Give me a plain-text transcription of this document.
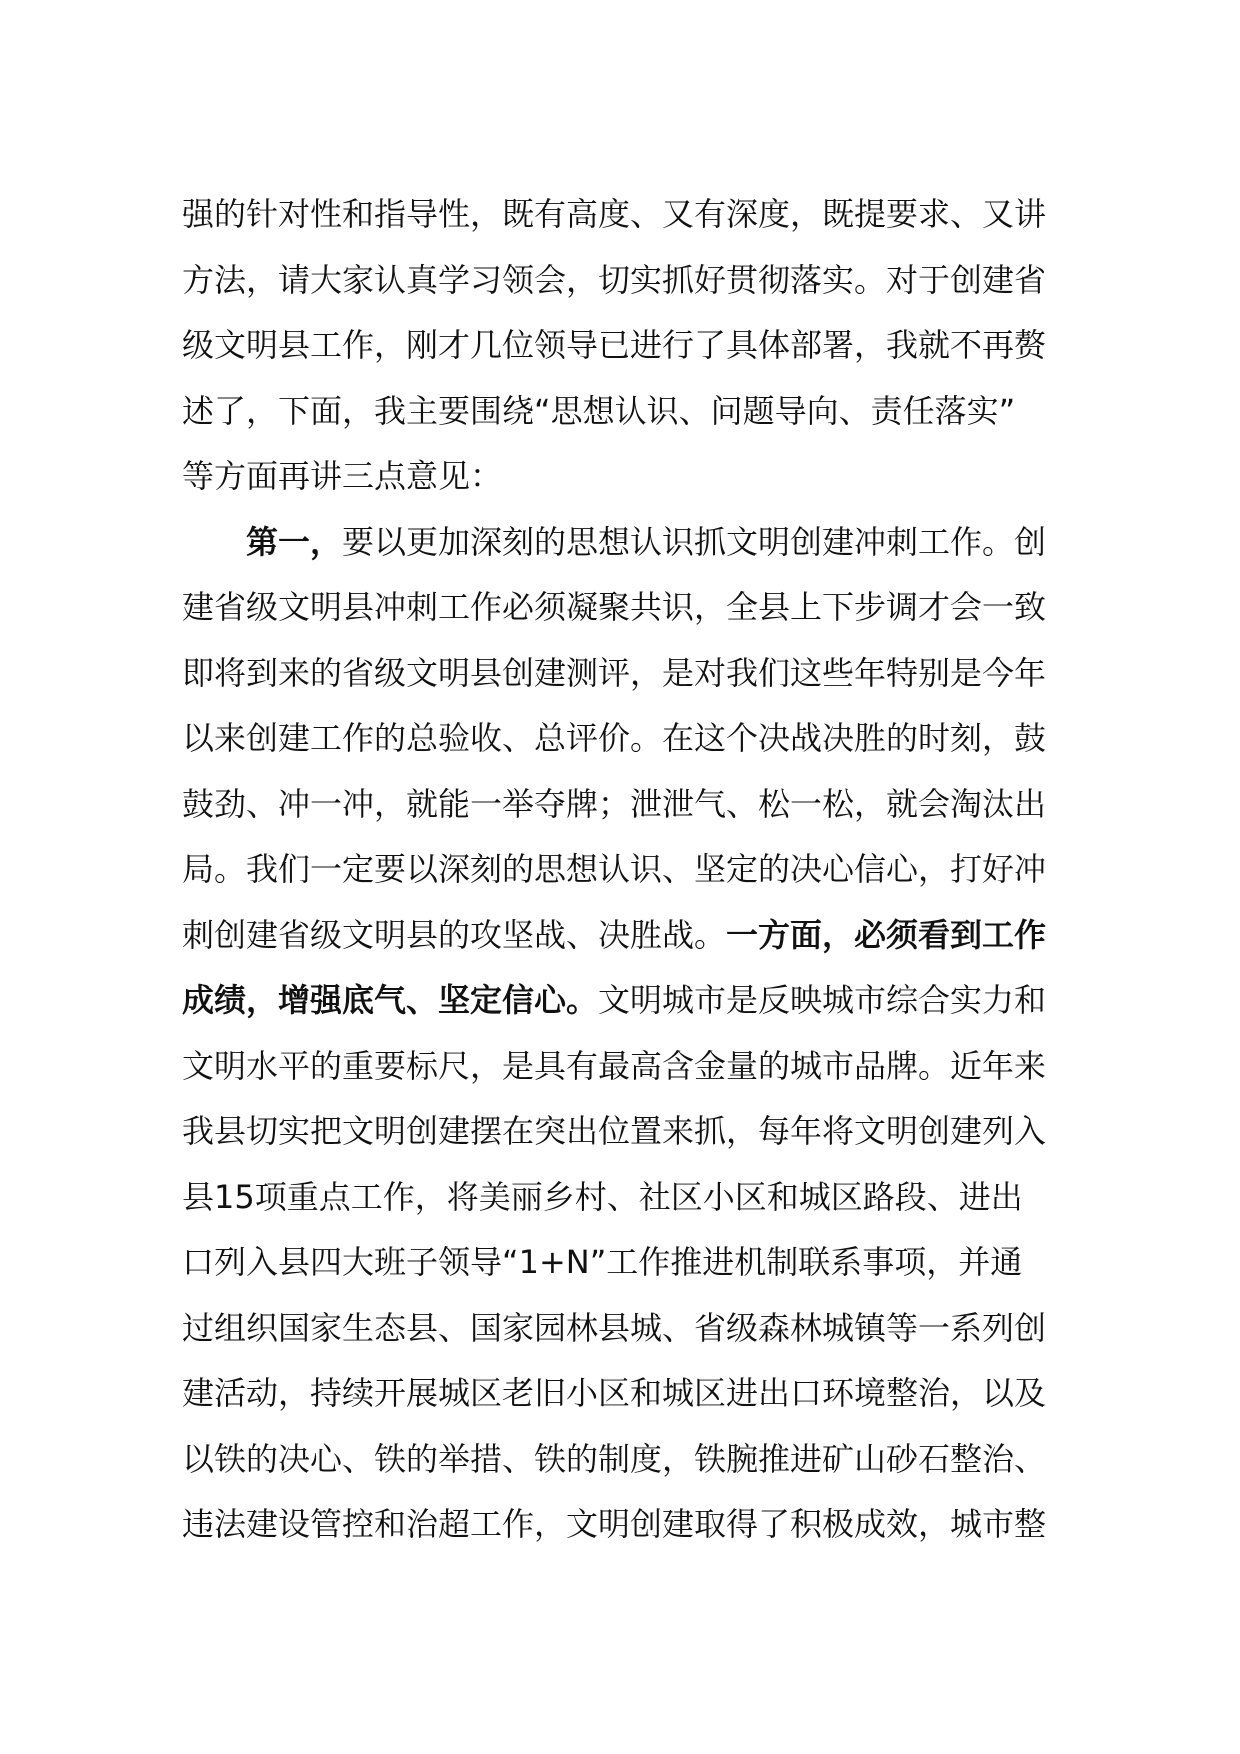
强的针对性和指导性，既有高度、又有深度，既提要求、又讲
方法，请大家认真学习领会，切实抓好贯彻落实。对于创建省
级文明县工作，刚才几位领导已进行了具体部署，我就不再赘
述了，下面，我主要围绕“思想认识、问题导向、责任落实”
等方面再讲三点意见：
第一，要以更加深刻的思想认识抓文明创建冲刺工作。创
建省级文明县冲刺工作必须凝聚共识，全县上下步调才会一致
即将到来的省级文明县创建测评，是对我们这些年特别是今年
以来创建工作的总验收、总评价。在这个决战决胜的时刻，鼓
鼓劲、冲一冲，就能一举夺牌；泄泄气、松一松，就会淘汰出
局。我们一定要以深刻的思想认识、坚定的决心信心，打好冲
刺创建省级文明县的攻坚战、决胜战。一方面，必须看到工作
成绩，增强底气、坚定信心。文明城市是反映城市综合实力和
文明水平的重要标尺，是具有最高含金量的城市品牌。近年来
我县切实把文明创建摆在突出位置来抓，每年将文明创建列入
县15项重点工作，将美丽乡村、社区小区和城区路段、进出
口列入县四大班子领导“1+N”工作推进机制联系事项，并通
过组织国家生态县、国家园林县城、省级森林城镇等一系列创
建活动，持续开展城区老旧小区和城区进出口环境整治，以及
以铁的决心、铁的举措、铁的制度，铁腕推进矿山砂石整治、
违法建设管控和治超工作，文明创建取得了积极成效，城市整
